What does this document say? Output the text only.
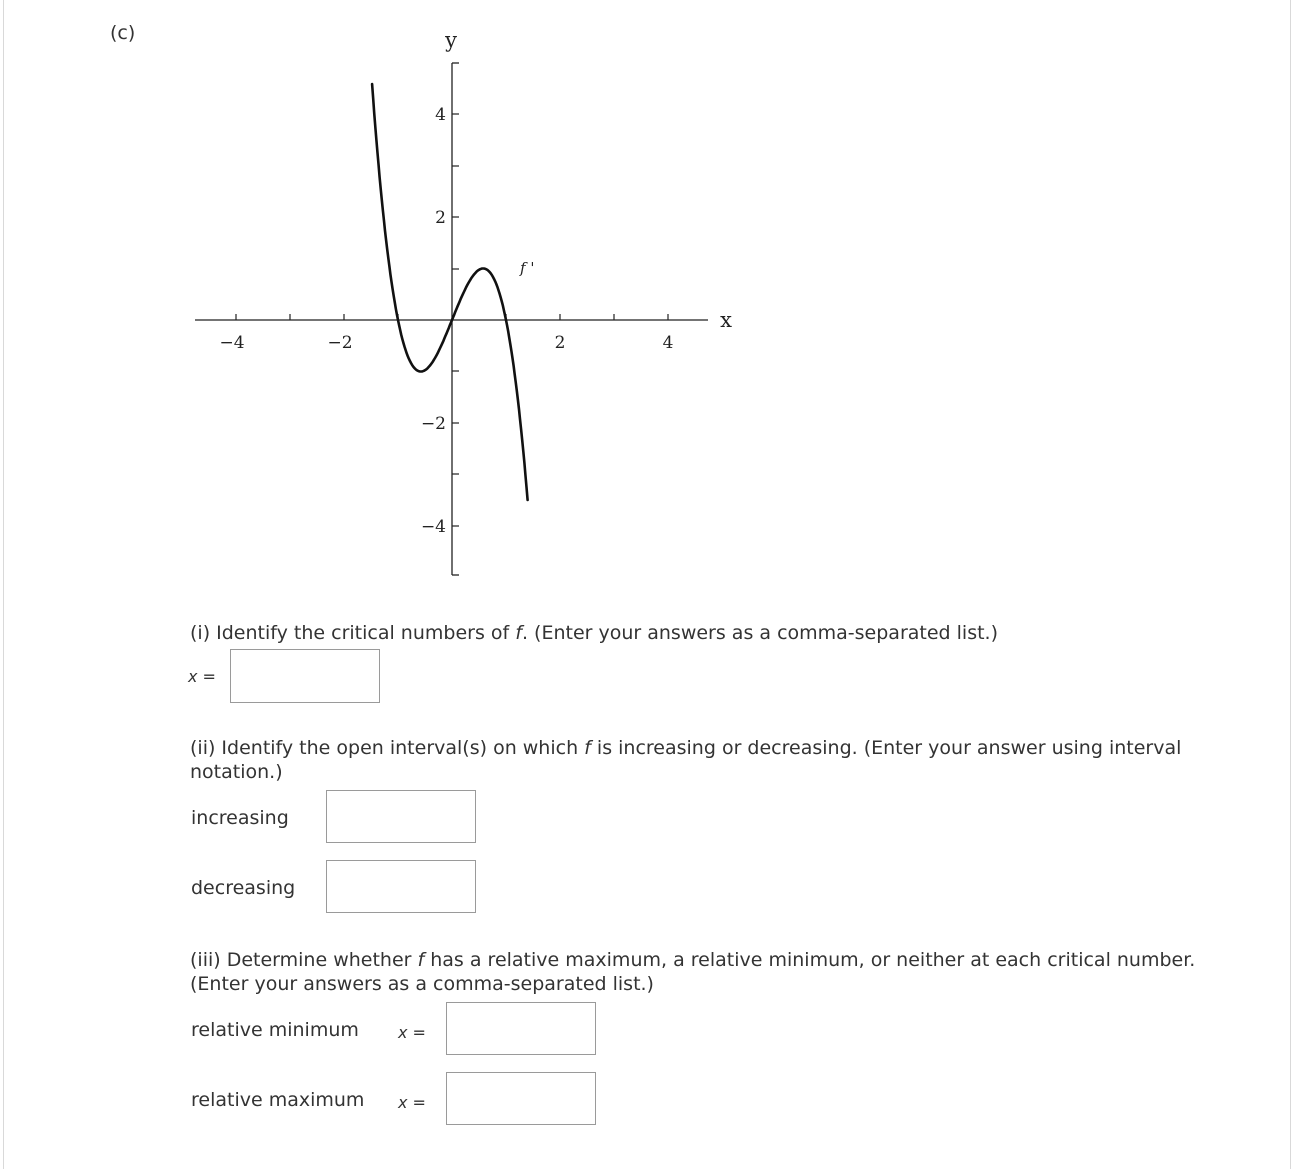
(c)
−4	−2	2	4
4
2
−2
−4
y
x
f '
(i) Identify the critical numbers of f. (Enter your answers as a comma-separated list.)
x =
(ii) Identify the open interval(s) on which f is increasing or decreasing. (Enter your answer using interval notation.)
increasing
decreasing
(iii) Determine whether f has a relative maximum, a relative minimum, or neither at each critical number. (Enter your answers as a comma-separated list.)
relative minimum x =
relative maximum x =
